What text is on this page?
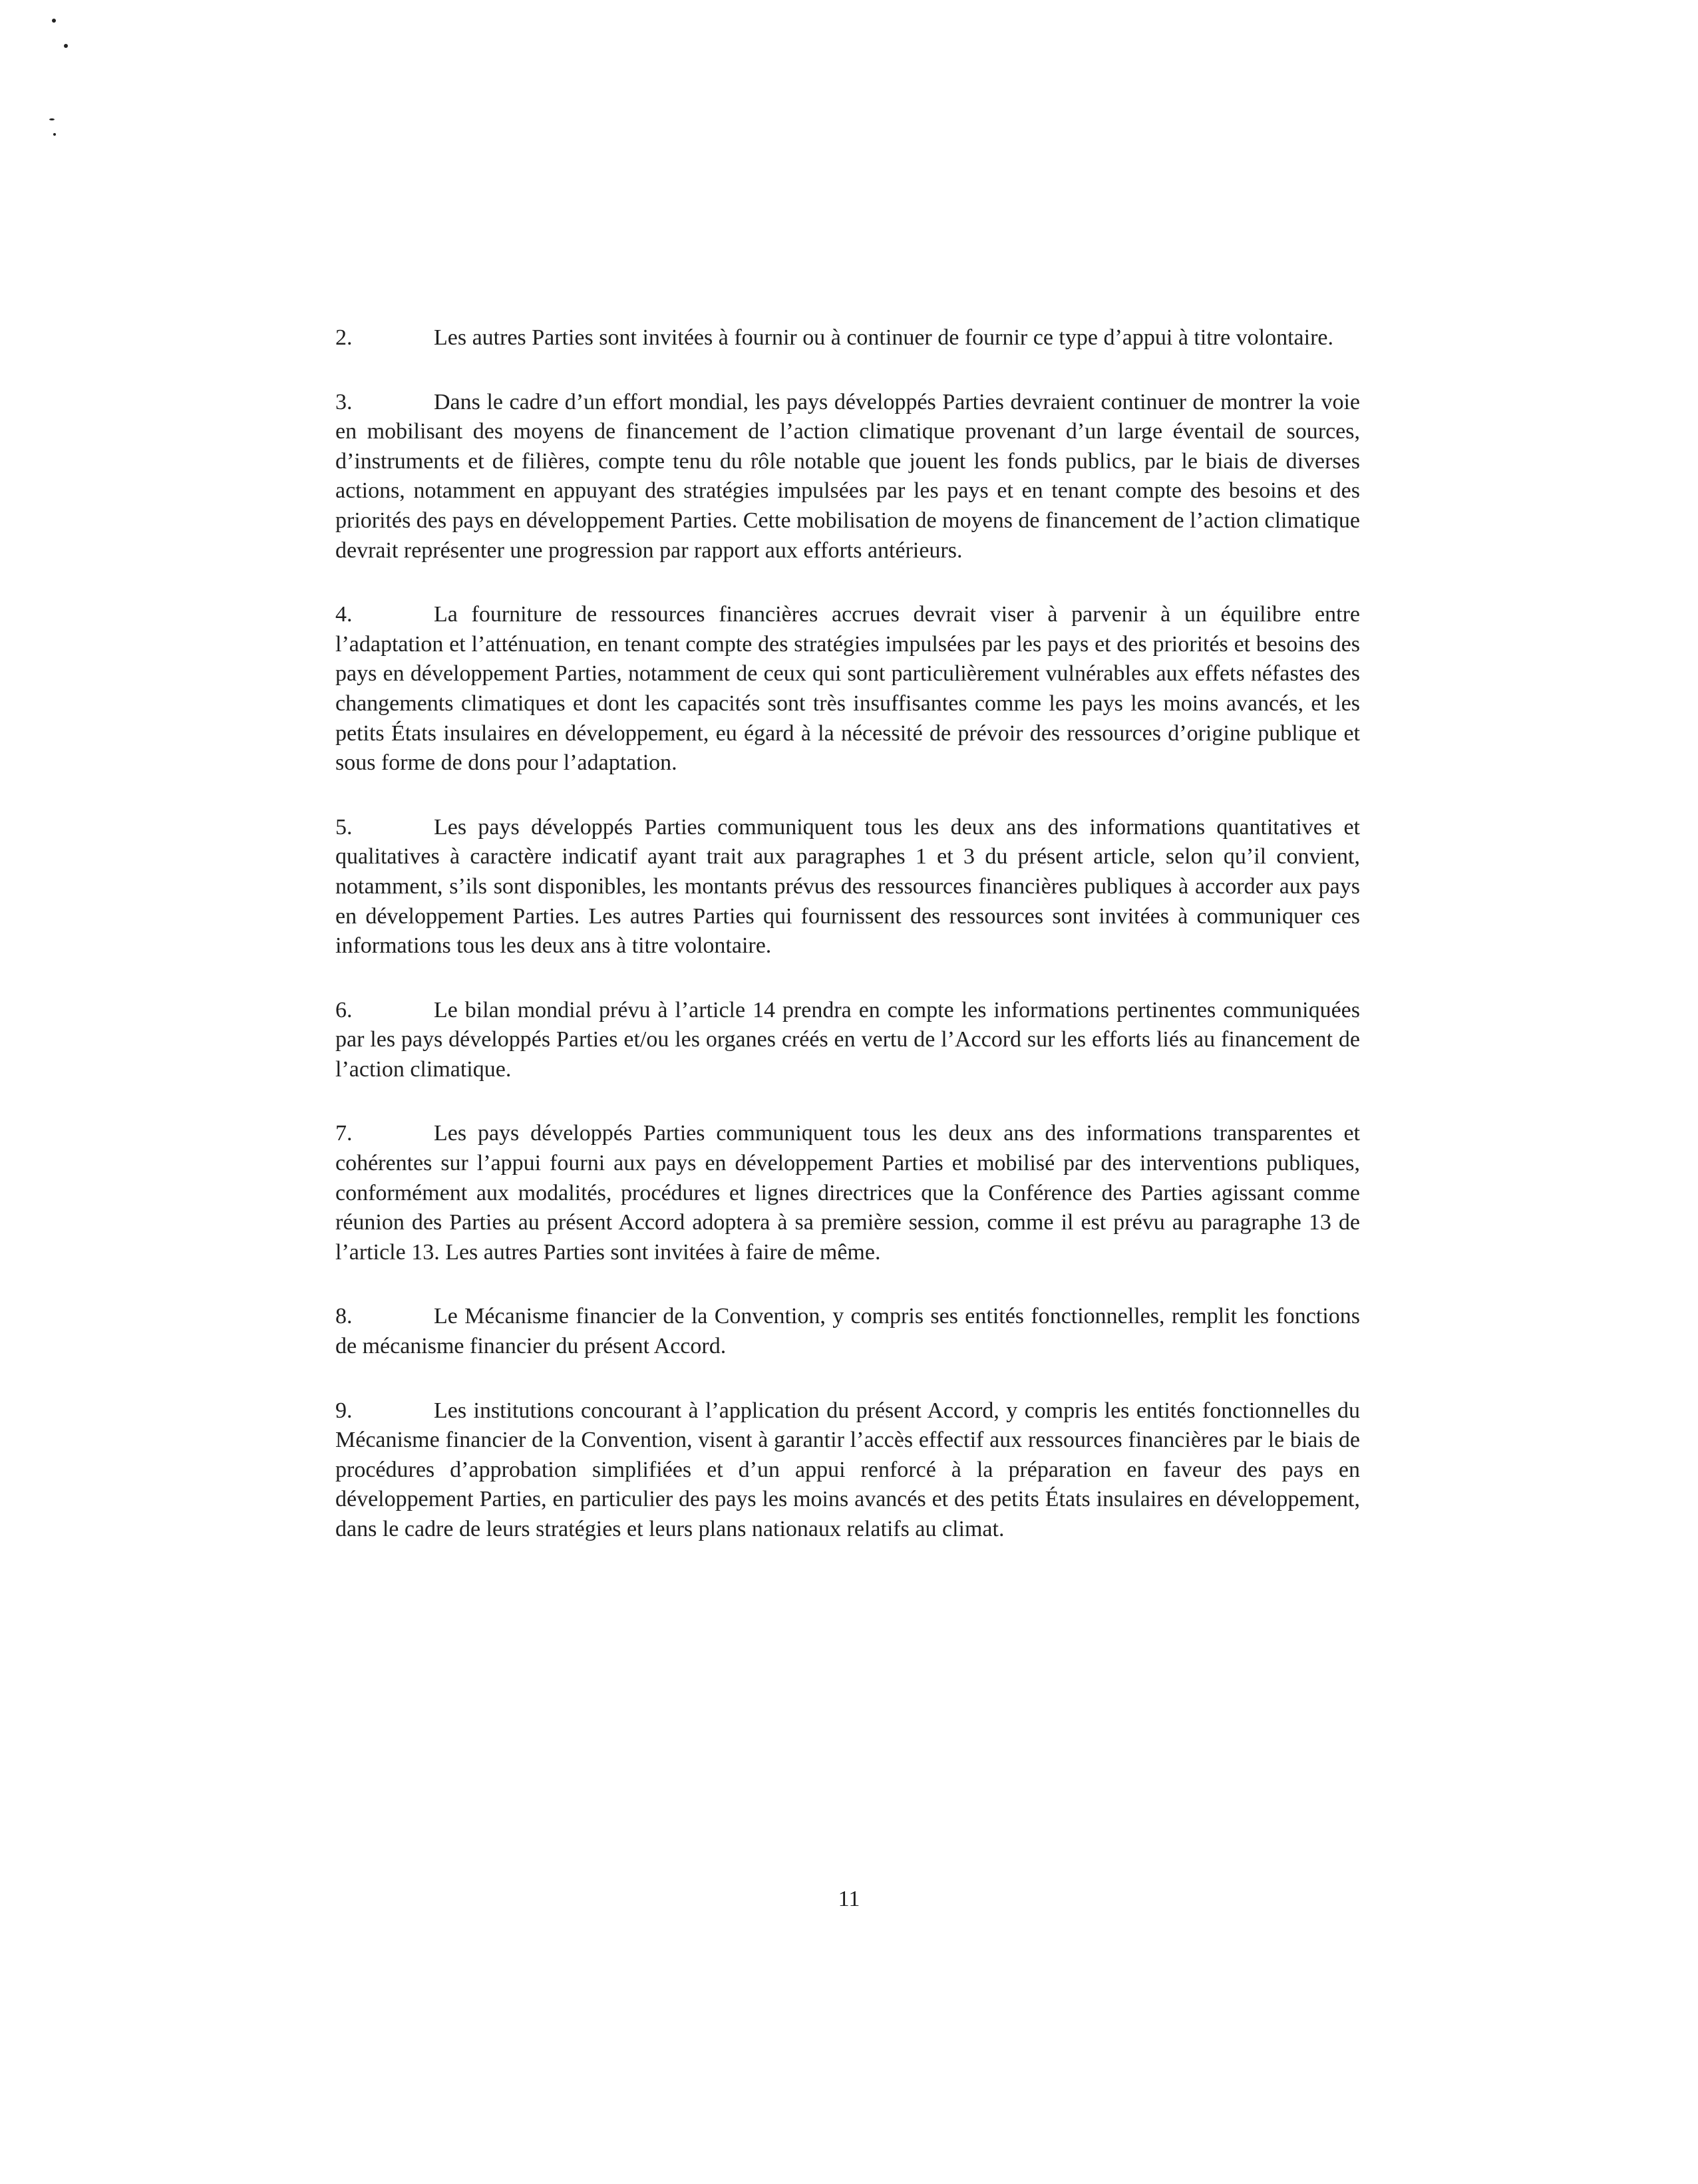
2.	Les autres Parties sont invitées à fournir ou à continuer de fournir ce type d’appui à titre volontaire.

3.	Dans le cadre d’un effort mondial, les pays développés Parties devraient continuer de montrer la voie en mobilisant des moyens de financement de l’action climatique provenant d’un large éventail de sources, d’instruments et de filières, compte tenu du rôle notable que jouent les fonds publics, par le biais de diverses actions, notamment en appuyant des stratégies impulsées par les pays et en tenant compte des besoins et des priorités des pays en développement Parties. Cette mobilisation de moyens de financement de l’action climatique devrait représenter une progression par rapport aux efforts antérieurs.

4.	La fourniture de ressources financières accrues devrait viser à parvenir à un équilibre entre l’adaptation et l’atténuation, en tenant compte des stratégies impulsées par les pays et des priorités et besoins des pays en développement Parties, notamment de ceux qui sont particulièrement vulnérables aux effets néfastes des changements climatiques et dont les capacités sont très insuffisantes comme les pays les moins avancés, et les petits États insulaires en développement, eu égard à la nécessité de prévoir des ressources d’origine publique et sous forme de dons pour l’adaptation.

5.	Les pays développés Parties communiquent tous les deux ans des informations quantitatives et qualitatives à caractère indicatif ayant trait aux paragraphes 1 et 3 du présent article, selon qu’il convient, notamment, s’ils sont disponibles, les montants prévus des ressources financières publiques à accorder aux pays en développement Parties. Les autres Parties qui fournissent des ressources sont invitées à communiquer ces informations tous les deux ans à titre volontaire.

6.	Le bilan mondial prévu à l’article 14 prendra en compte les informations pertinentes communiquées par les pays développés Parties et/ou les organes créés en vertu de l’Accord sur les efforts liés au financement de l’action climatique.

7.	Les pays développés Parties communiquent tous les deux ans des informations transparentes et cohérentes sur l’appui fourni aux pays en développement Parties et mobilisé par des interventions publiques, conformément aux modalités, procédures et lignes directrices que la Conférence des Parties agissant comme réunion des Parties au présent Accord adoptera à sa première session, comme il est prévu au paragraphe 13 de l’article 13. Les autres Parties sont invitées à faire de même.

8.	Le Mécanisme financier de la Convention, y compris ses entités fonctionnelles, remplit les fonctions de mécanisme financier du présent Accord.

9.	Les institutions concourant à l’application du présent Accord, y compris les entités fonctionnelles du Mécanisme financier de la Convention, visent à garantir l’accès effectif aux ressources financières par le biais de procédures d’approbation simplifiées et d’un appui renforcé à la préparation en faveur des pays en développement Parties, en particulier des pays les moins avancés et des petits États insulaires en développement, dans le cadre de leurs stratégies et leurs plans nationaux relatifs au climat.

11
